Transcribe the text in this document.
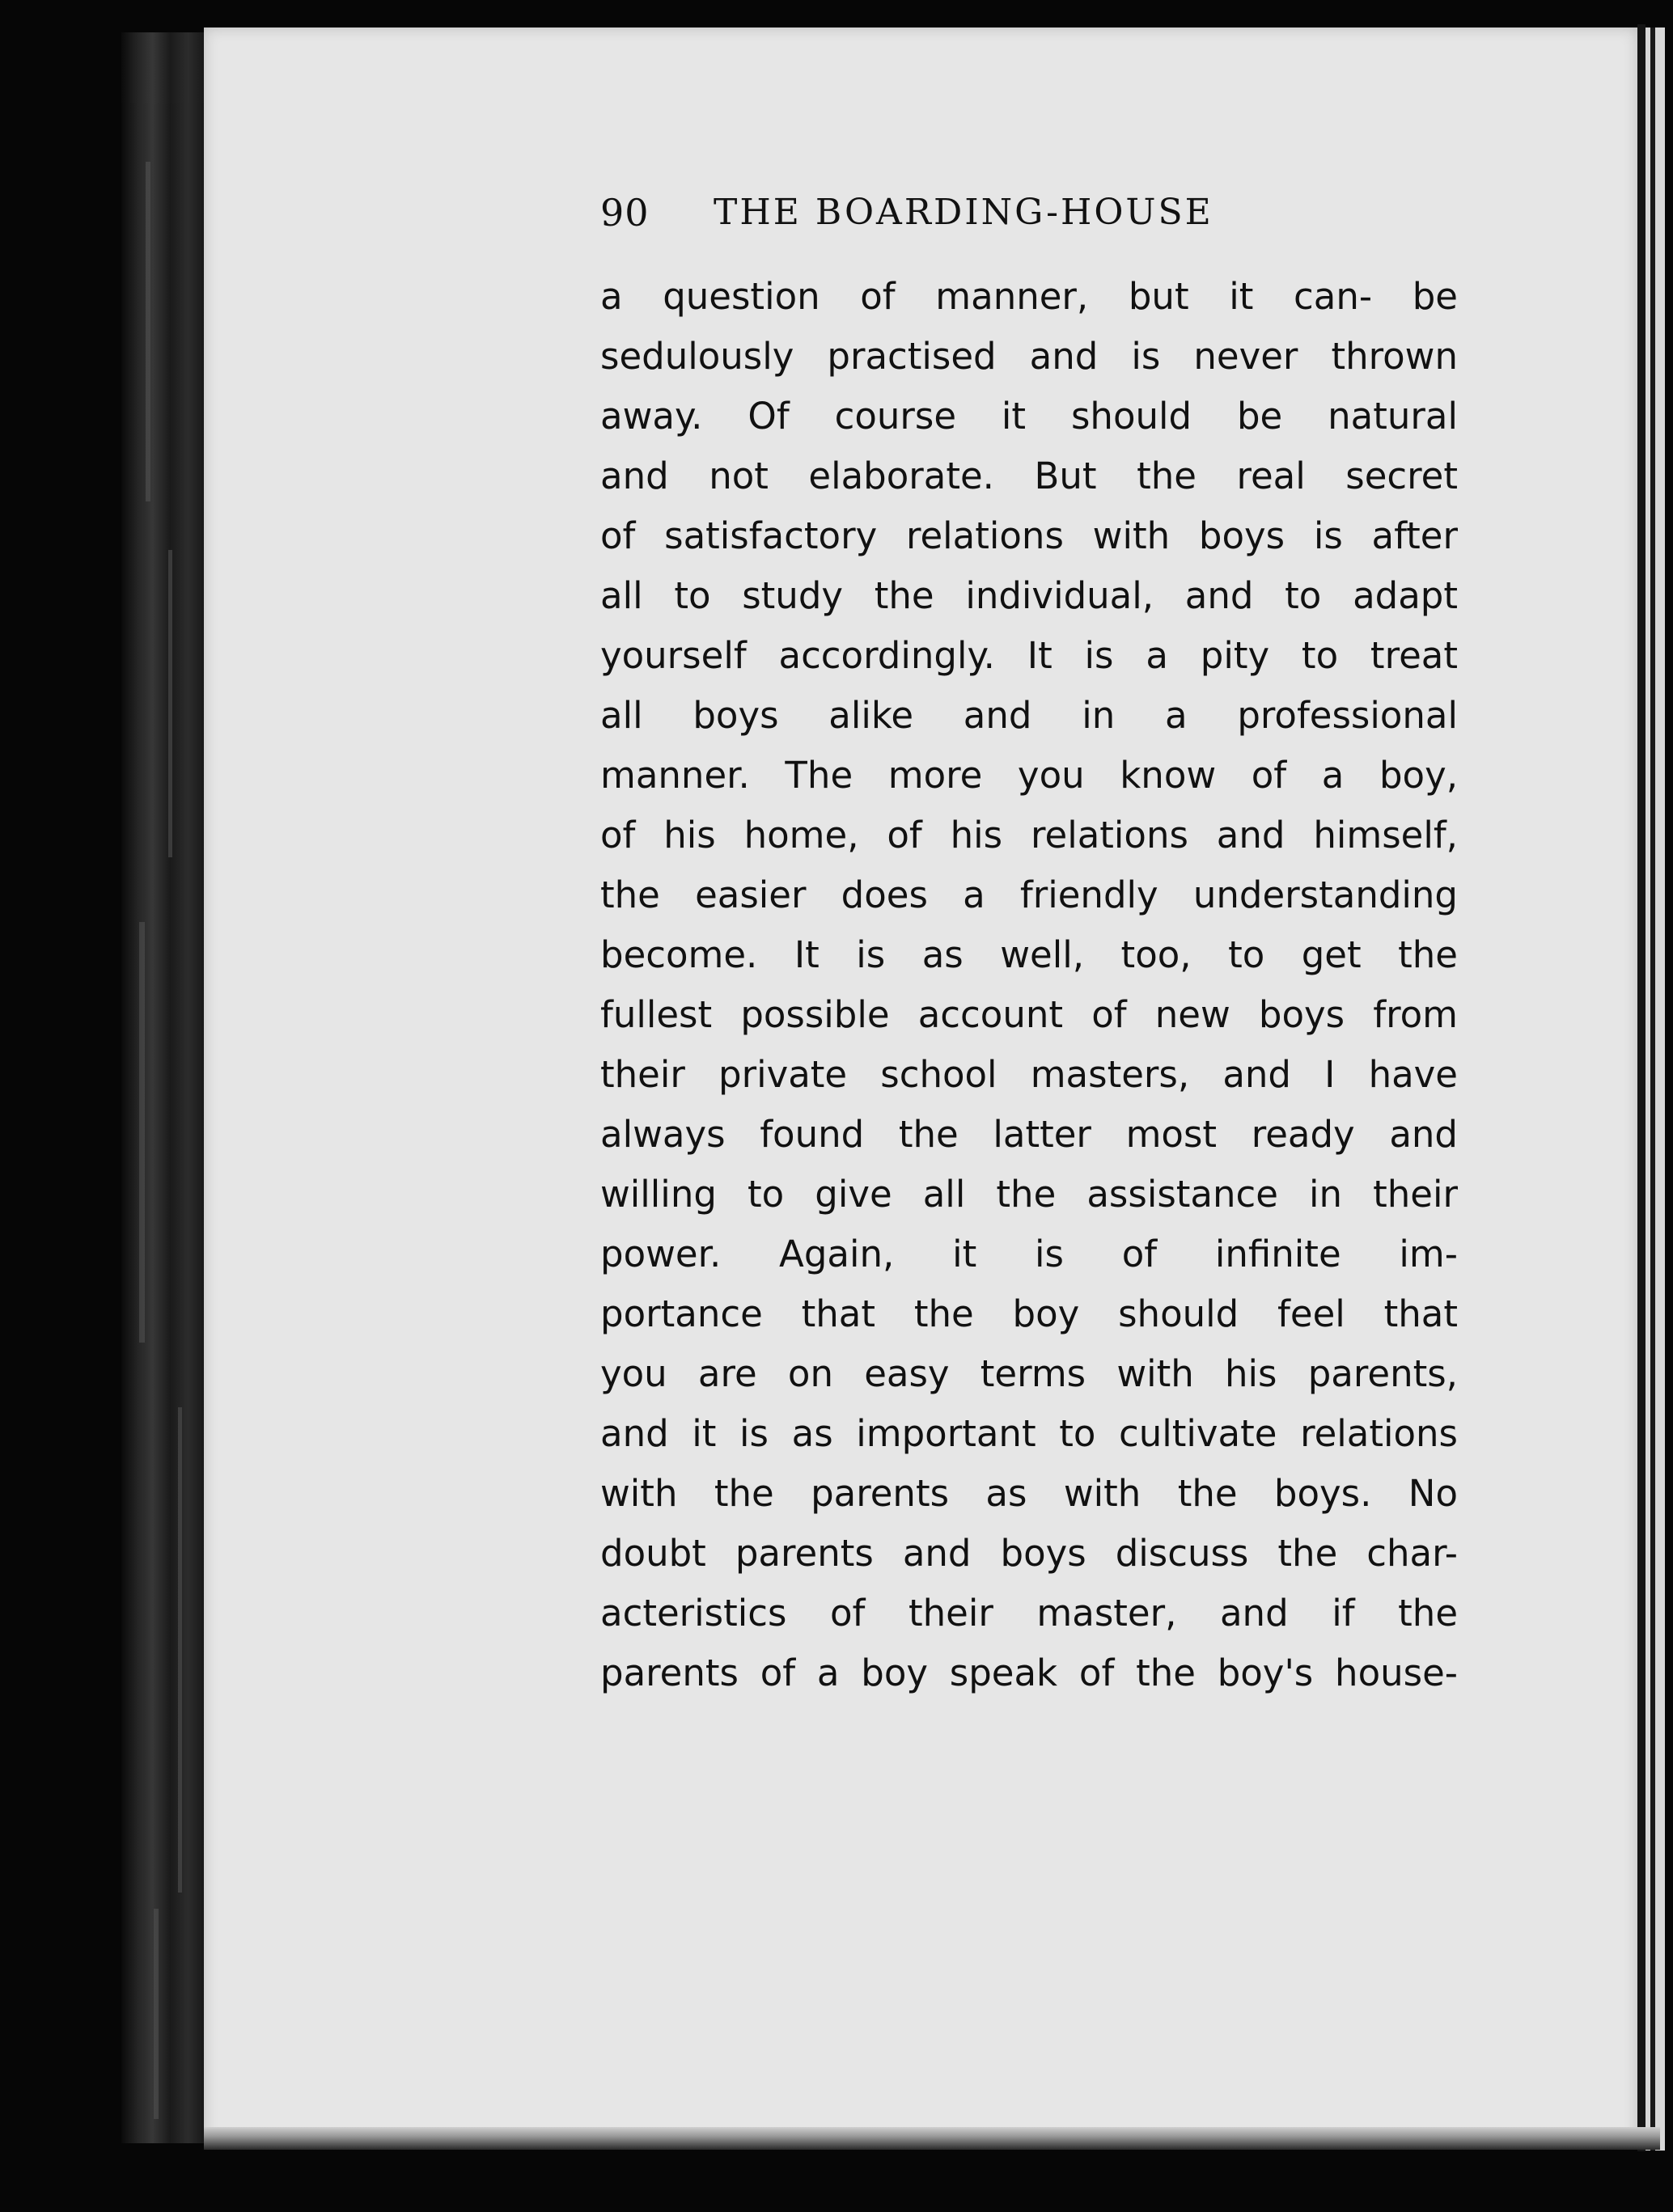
90 THE BOARDING-HOUSE
a question of manner, but it can- be
sedulously practised and is never thrown
away. Of course it should be natural
and not elaborate. But the real secret
of satisfactory relations with boys is after
all to study the individual, and to adapt
yourself accordingly. It is a pity to treat
all boys alike and in a professional
manner. The more you know of a boy,
of his home, of his relations and himself,
the easier does a friendly understanding
become. It is as well, too, to get the
fullest possible account of new boys from
their private school masters, and I have
always found the latter most ready and
willing to give all the assistance in their
power. Again, it is of infinite im-
portance that the boy should feel that
you are on easy terms with his parents,
and it is as important to cultivate relations
with the parents as with the boys. No
doubt parents and boys discuss the char-
acteristics of their master, and if the
parents of a boy speak of the boy's house-
